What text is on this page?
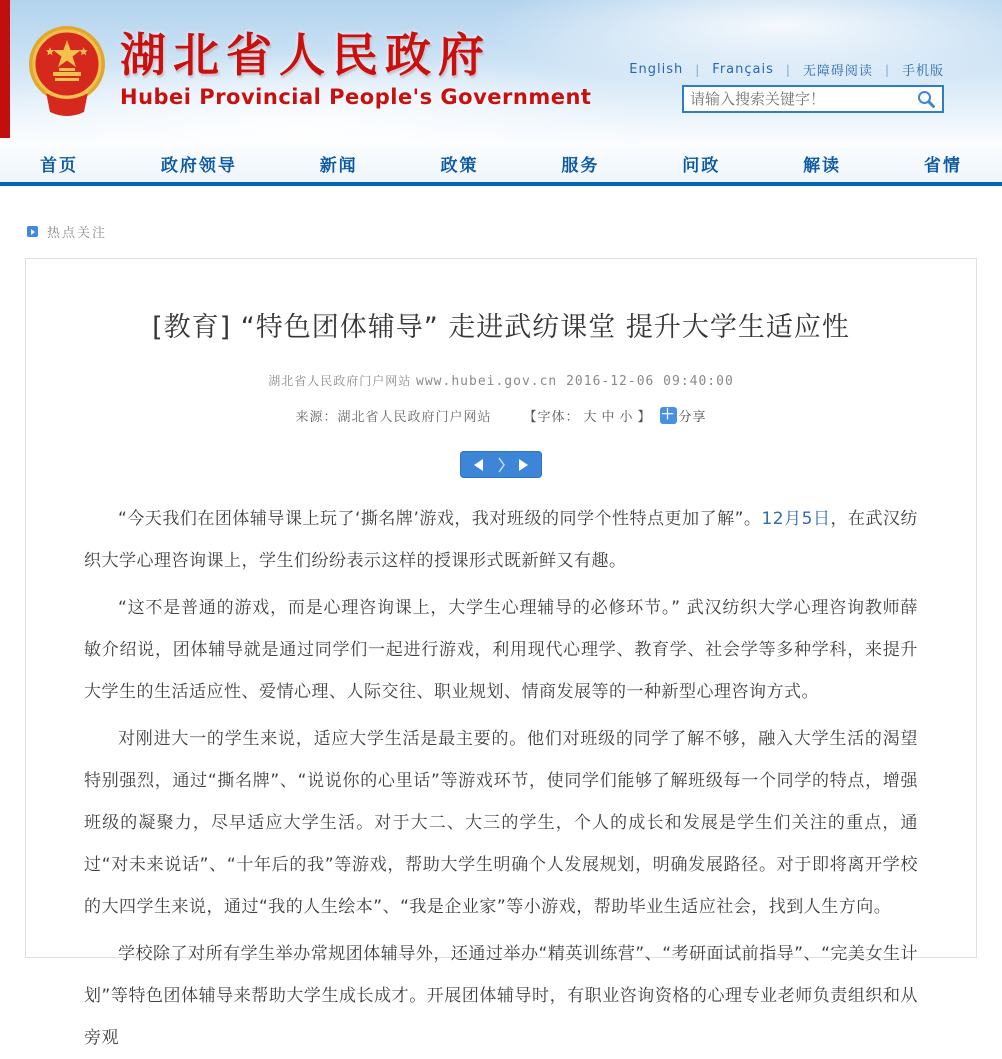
湖北省人民政府
Hubei Provincial People's Government
English | Français | 无障碍阅读 | 手机版
请输入搜索关键字！
首页	政府领导	新闻	政策	服务	问政	解读	省情
热点关注
[教育] “特色团体辅导” 走进武纺课堂 提升大学生适应性
湖北省人民政府门户网站 www.hubei.gov.cn 2016-12-06 09:40:00
来源：湖北省人民政府门户网站 【字体： 大 中 小 】 ＋ 分享

“今天我们在团体辅导课上玩了‘撕名牌’游戏，我对班级的同学个性特点更加了解”。12月5日，在武汉纺织大学心理咨询课上，学生们纷纷表示这样的授课形式既新鲜又有趣。

“这不是普通的游戏，而是心理咨询课上，大学生心理辅导的必修环节。” 武汉纺织大学心理咨询教师薛敏介绍说，团体辅导就是通过同学们一起进行游戏，利用现代心理学、教育学、社会学等多种学科，来提升大学生的生活适应性、爱情心理、人际交往、职业规划、情商发展等的一种新型心理咨询方式。

对刚进大一的学生来说，适应大学生活是最主要的。他们对班级的同学了解不够，融入大学生活的渴望特别强烈，通过“撕名牌”、“说说你的心里话”等游戏环节，使同学们能够了解班级每一个同学的特点，增强班级的凝聚力，尽早适应大学生活。对于大二、大三的学生，个人的成长和发展是学生们关注的重点，通过“对未来说话”、“十年后的我”等游戏，帮助大学生明确个人发展规划，明确发展路径。对于即将离开学校的大四学生来说，通过“我的人生绘本”、“我是企业家”等小游戏，帮助毕业生适应社会，找到人生方向。

学校除了对所有学生举办常规团体辅导外，还通过举办“精英训练营”、“考研面试前指导”、“完美女生计划”等特色团体辅导来帮助大学生成长成才。开展团体辅导时，有职业咨询资格的心理专业老师负责组织和从旁观
